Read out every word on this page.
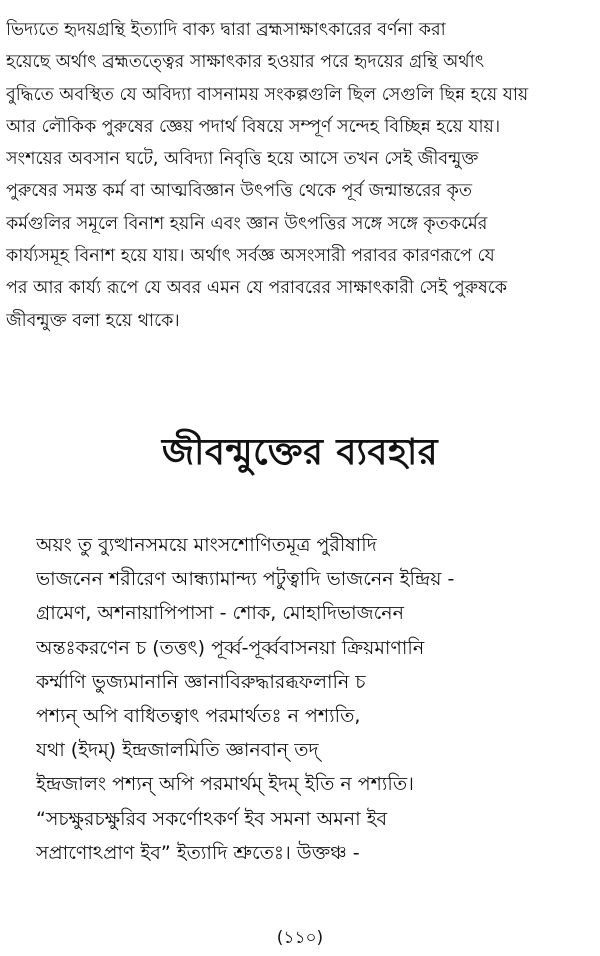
ভিদ্যতে হৃদয়গ্রন্থি ইত্যাদি বাক্য দ্বারা ব্রহ্মসাক্ষাৎকারের বর্ণনা করা
হয়েছে অর্থাৎ ব্রহ্মতত্ত্বের সাক্ষাৎকার হওয়ার পরে হৃদয়ের গ্রন্থি অর্থাৎ
বুদ্ধিতে অবস্থিত যে অবিদ্যা বাসনাময় সংকল্পগুলি ছিল সেগুলি ছিন্ন হয়ে যায়
আর লৌকিক পুরুষের জ্ঞেয় পদার্থ বিষয়ে সম্পূর্ণ সন্দেহ বিচ্ছিন্ন হয়ে যায়।
সংশয়ের অবসান ঘটে, অবিদ্যা নিবৃত্তি হয়ে আসে তখন সেই জীবন্মুক্ত
পুরুষের সমস্ত কর্ম বা আত্মবিজ্ঞান উৎপত্তি থেকে পূর্ব জন্মান্তরের কৃত
কর্মগুলির সমূলে বিনাশ হয়নি এবং জ্ঞান উৎপত্তির সঙ্গে সঙ্গে কৃতকর্মের
কার্য্যসমূহ বিনাশ হয়ে যায়। অর্থাৎ সর্বজ্ঞ অসংসারী পরাবর কারণরূপে যে
পর আর কার্য্য রূপে যে অবর এমন যে পরাবরের সাক্ষাৎকারী সেই পুরুষকে
জীবন্মুক্ত বলা হয়ে থাকে।
জীবন্মুক্তের ব্যবহার
অয়ং তু ব্যুত্থানসময়ে মাংসশোণিতমূত্র পুরীষাদি
ভাজনেন শরীরেণ আন্ধ্যামান্দ্য পটুত্বাদি ভাজনেন ইন্দ্রিয় -
গ্রামেণ, অশনায়াপিপাসা - শোক, মোহাদিভাজনেন
অন্তঃকরণেন চ (তত্তৎ) পূর্ব্ব-পূর্ব্ববাসনয়া ক্রিয়মাণানি
কর্ম্মাণি ভুজ্যমানানি জ্ঞানাবিরুদ্ধারব্ধফলানি চ
পশ্যন্ অপি বাধিতত্বাৎ পরমার্থতঃ ন পশ্যতি,
যথা (ইদম্) ইন্দ্রজালমিতি জ্ঞানবান্ তদ্
ইন্দ্রজালং পশ্যন্ অপি পরমার্থম্ ইদম্ ইতি ন পশ্যতি।
“সচক্ষুরচক্ষুরিব সকর্ণোঽকর্ণ ইব সমনা অমনা ইব
সপ্রাণোঽপ্রাণ ইব” ইত্যাদি শ্রুতেঃ। উক্তঞ্চ -
(১১০)
